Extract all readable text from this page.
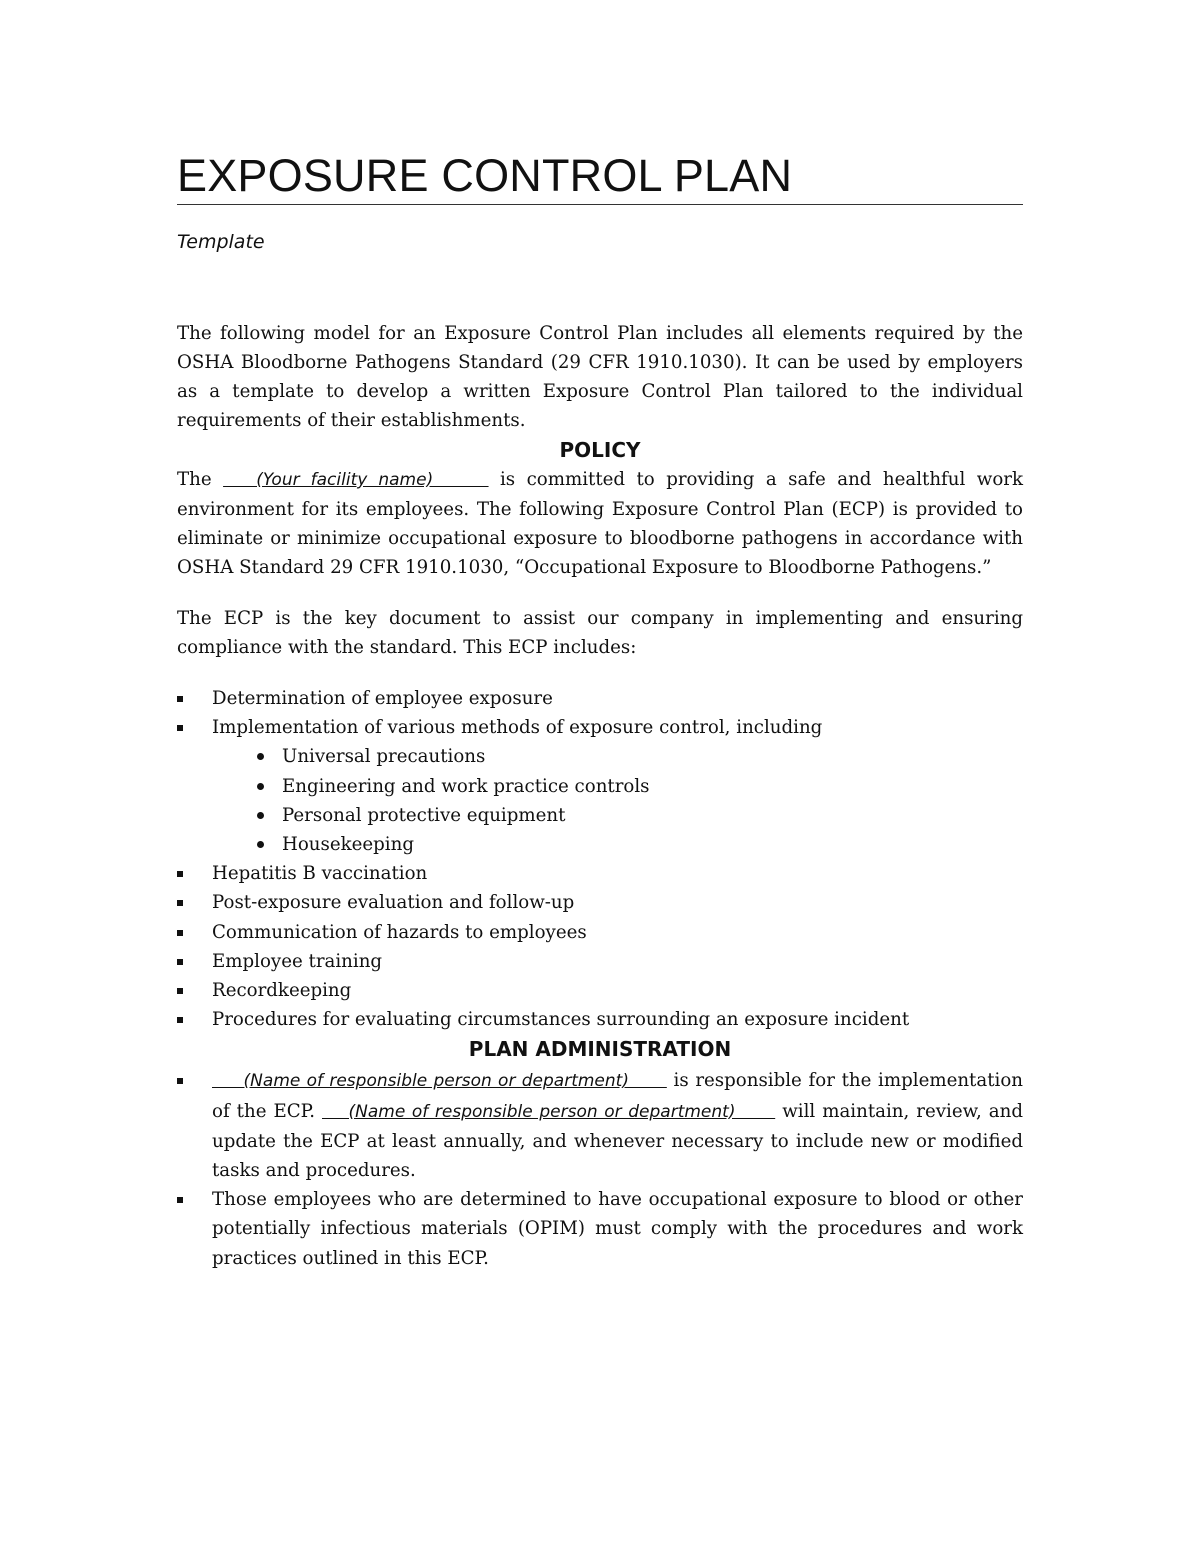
EXPOSURE CONTROL PLAN
Template

The following model for an Exposure Control Plan includes all elements required by the OSHA Bloodborne Pathogens Standard (29 CFR 1910.1030). It can be used by employers as a template to develop a written Exposure Control Plan tailored to the individual requirements of their establishments.

POLICY

The    (Your facility name)      is committed to providing a safe and healthful work environment for its employees. The following Exposure Control Plan (ECP) is provided to eliminate or minimize occupational exposure to bloodborne pathogens in accordance with OSHA Standard 29 CFR 1910.1030, “Occupational Exposure to Bloodborne Pathogens.”

The ECP is the key document to assist our company in implementing and ensuring compliance with the standard. This ECP includes:

Determination of employee exposure
Implementation of various methods of exposure control, including
Universal precautions
Engineering and work practice controls
Personal protective equipment
Housekeeping
Hepatitis B vaccination
Post-exposure evaluation and follow-up
Communication of hazards to employees
Employee training
Recordkeeping
Procedures for evaluating circumstances surrounding an exposure incident
PLAN ADMINISTRATION
(Name of responsible person or department)       is responsible for the implementation of the ECP.     (Name of responsible person or department)       will maintain, review, and update the ECP at least annually, and whenever necessary to include new or modified tasks and procedures.
Those employees who are determined to have occupational exposure to blood or other potentially infectious materials (OPIM) must comply with the procedures and work practices outlined in this ECP.
